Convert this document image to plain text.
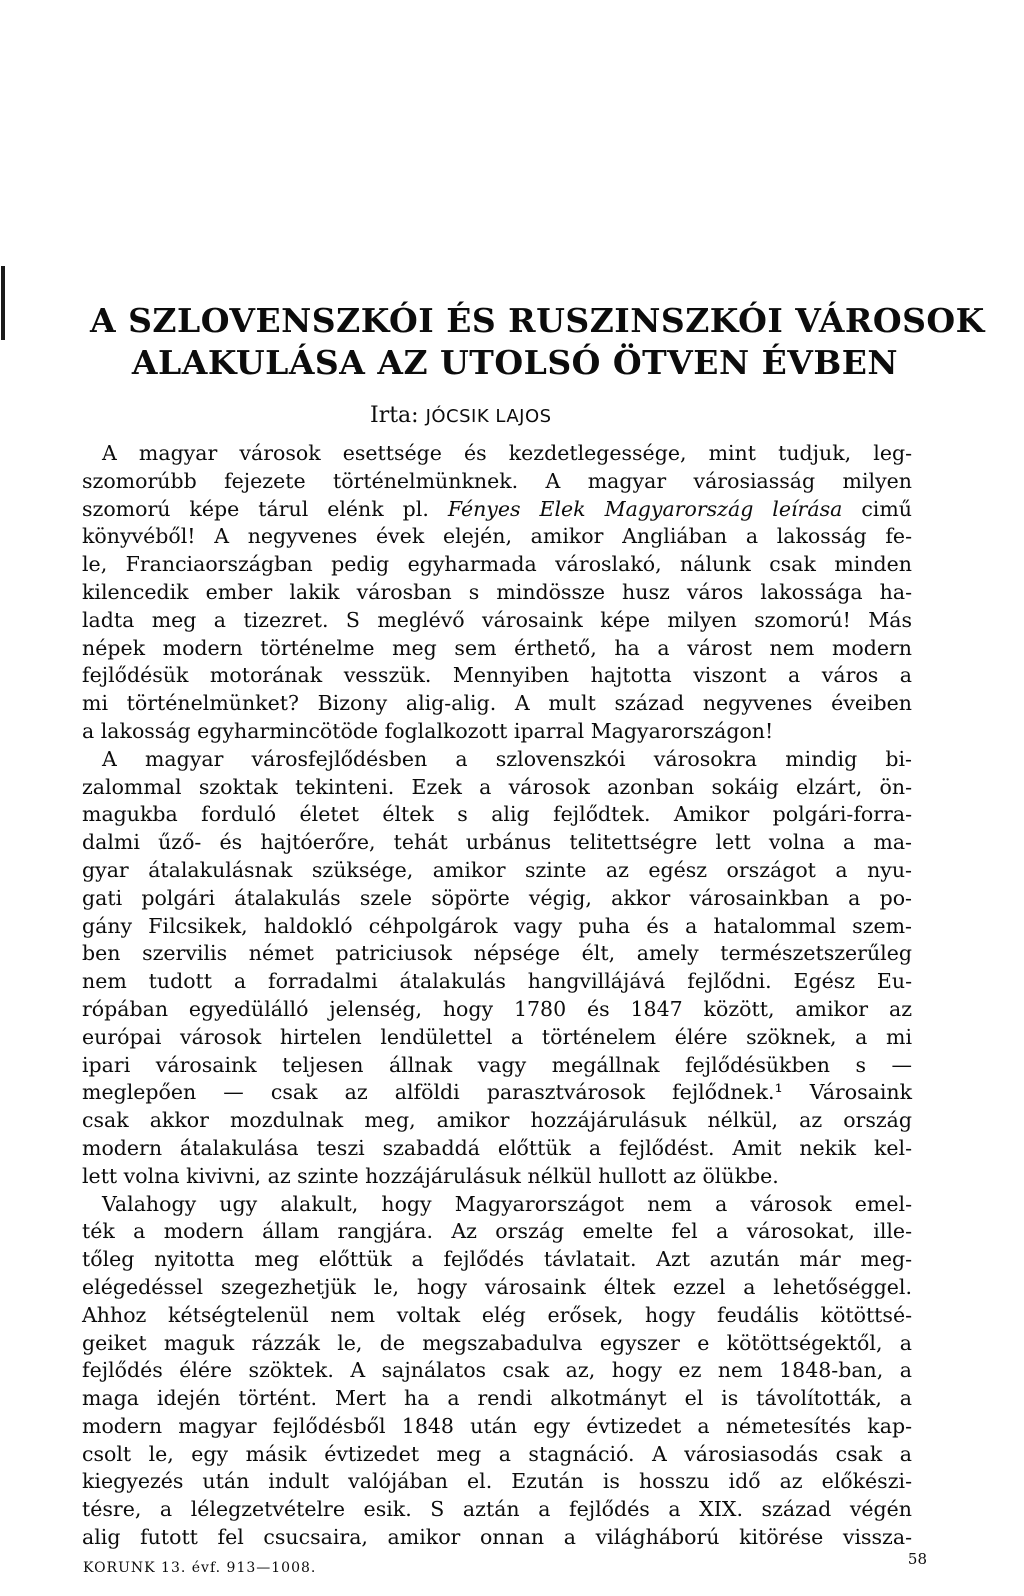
A SZLOVENSZKÓI ÉS RUSZINSZKÓI VÁROSOK
ALAKULÁSA AZ UTOLSÓ ÖTVEN ÉVBEN
Irta: JÓCSIK LAJOS
A magyar városok esettsége és kezdetlegessége, mint tudjuk, leg-
szomorúbb fejezete történelmünknek. A magyar városiasság milyen
szomorú képe tárul elénk pl. Fényes Elek Magyarország leírása cimű
könyvéből! A negyvenes évek elején, amikor Angliában a lakosság fe-
le, Franciaországban pedig egyharmada városlakó, nálunk csak minden
kilencedik ember lakik városban s mindössze husz város lakossága ha-
ladta meg a tizezret. S meglévő városaink képe milyen szomorú! Más
népek modern történelme meg sem érthető, ha a várost nem modern
fejlődésük motorának vesszük. Mennyiben hajtotta viszont a város a
mi történelmünket? Bizony alig-alig. A mult század negyvenes éveiben
a lakosság egyharmincötöde foglalkozott iparral Magyarországon!
A magyar városfejlődésben a szlovenszkói városokra mindig bi-
zalommal szoktak tekinteni. Ezek a városok azonban sokáig elzárt, ön-
magukba forduló életet éltek s alig fejlődtek. Amikor polgári-forra-
dalmi űző- és hajtóerőre, tehát urbánus telitettségre lett volna a ma-
gyar átalakulásnak szüksége, amikor szinte az egész országot a nyu-
gati polgári átalakulás szele söpörte végig, akkor városainkban a po-
gány Filcsikek, haldokló céhpolgárok vagy puha és a hatalommal szem-
ben szervilis német patriciusok népsége élt, amely természetszerűleg
nem tudott a forradalmi átalakulás hangvillájává fejlődni. Egész Eu-
rópában egyedülálló jelenség, hogy 1780 és 1847 között, amikor az
európai városok hirtelen lendülettel a történelem élére szöknek, a mi
ipari városaink teljesen állnak vagy megállnak fejlődésükben s —
meglepően — csak az alföldi parasztvárosok fejlődnek.¹ Városaink
csak akkor mozdulnak meg, amikor hozzájárulásuk nélkül, az ország
modern átalakulása teszi szabaddá előttük a fejlődést. Amit nekik kel-
lett volna kivivni, az szinte hozzájárulásuk nélkül hullott az ölükbe.
Valahogy ugy alakult, hogy Magyarországot nem a városok emel-
ték a modern állam rangjára. Az ország emelte fel a városokat, ille-
tőleg nyitotta meg előttük a fejlődés távlatait. Azt azután már meg-
elégedéssel szegezhetjük le, hogy városaink éltek ezzel a lehetőséggel.
Ahhoz kétségtelenül nem voltak elég erősek, hogy feudális kötöttsé-
geiket maguk rázzák le, de megszabadulva egyszer e kötöttségektől, a
fejlődés élére szöktek. A sajnálatos csak az, hogy ez nem 1848-ban, a
maga idején történt. Mert ha a rendi alkotmányt el is távolították, a
modern magyar fejlődésből 1848 után egy évtizedet a németesítés kap-
csolt le, egy másik évtizedet meg a stagnáció. A városiasodás csak a
kiegyezés után indult valójában el. Ezután is hosszu idő az előkészi-
tésre, a lélegzetvételre esik. S aztán a fejlődés a XIX. század végén
alig futott fel csucsaira, amikor onnan a világháború kitörése vissza-
KORUNK 13. évf. 913—1008.	58
